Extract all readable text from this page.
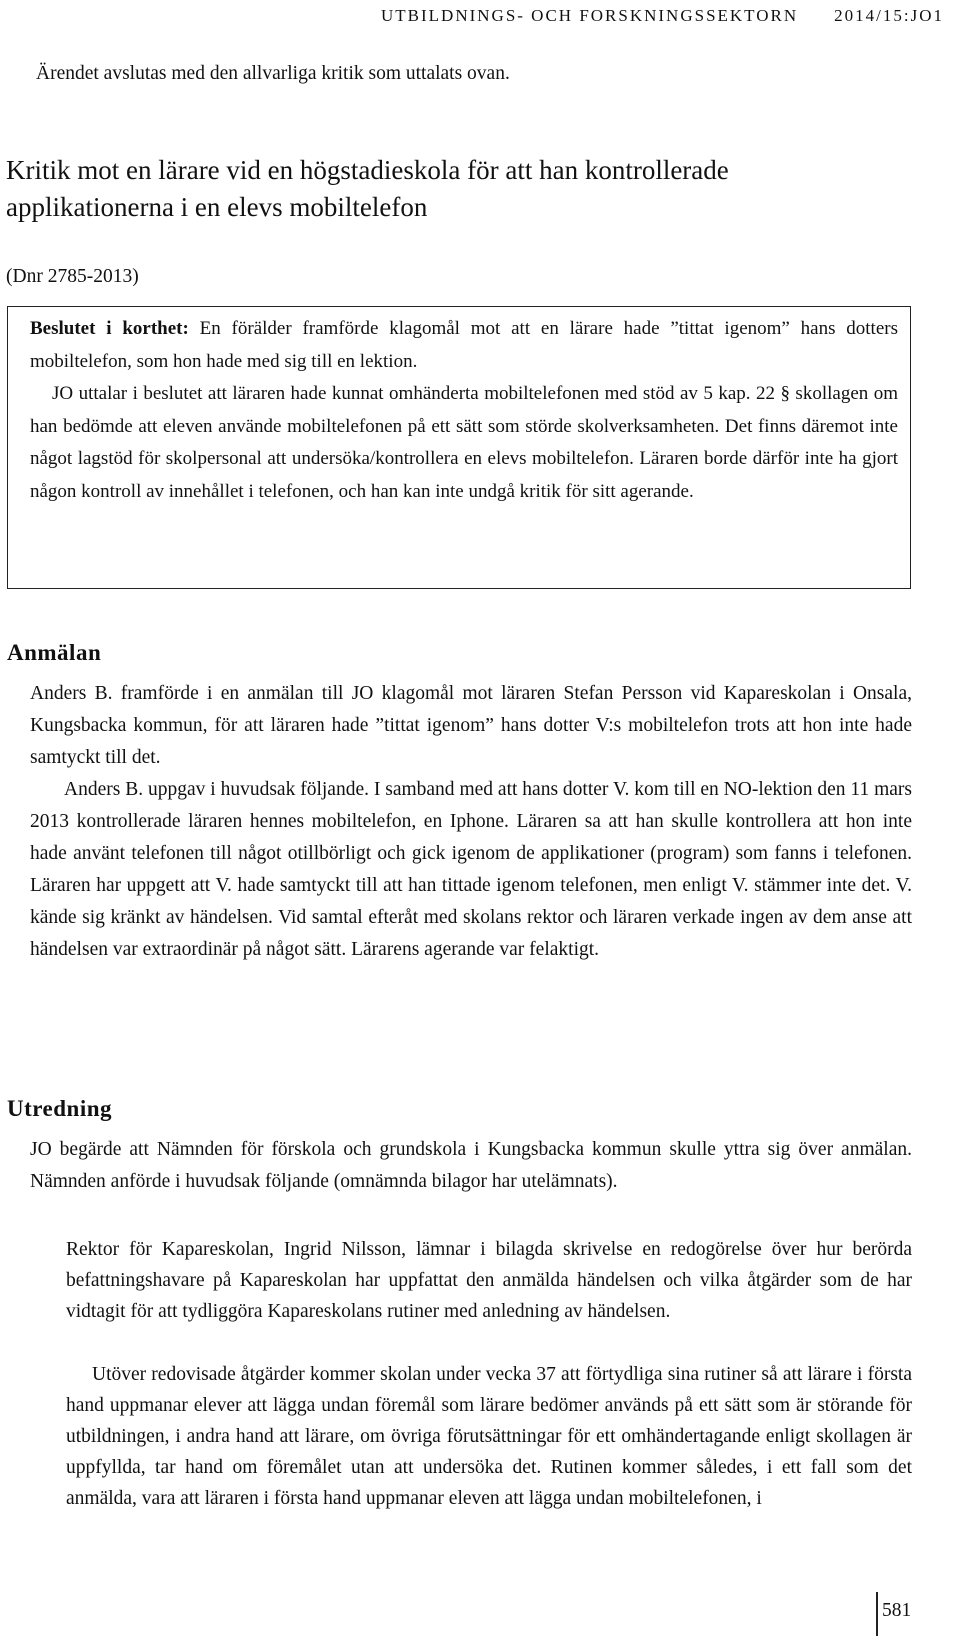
UTBILDNINGS- OCH FORSKNINGSSEKTORN 2014/15:JO1

Ärendet avslutas med den allvarliga kritik som uttalats ovan.

Kritik mot en lärare vid en högstadieskola för att han kontrollerade applikationerna i en elevs mobiltelefon

(Dnr 2785-2013)

Beslutet i korthet: En förälder framförde klagomål mot att en lärare hade ”tittat igenom” hans dotters mobiltelefon, som hon hade med sig till en lektion.

JO uttalar i beslutet att läraren hade kunnat omhänderta mobiltelefonen med stöd av 5 kap. 22 § skollagen om han bedömde att eleven använde mobiltelefonen på ett sätt som störde skolverksamheten. Det finns däremot inte något lagstöd för skolpersonal att undersöka/kontrollera en elevs mobiltelefon. Läraren borde därför inte ha gjort någon kontroll av innehållet i telefonen, och han kan inte undgå kritik för sitt agerande.

Anmälan

Anders B. framförde i en anmälan till JO klagomål mot läraren Stefan Persson vid Kapareskolan i Onsala, Kungsbacka kommun, för att läraren hade ”tittat igenom” hans dotter V:s mobiltelefon trots att hon inte hade samtyckt till det.

Anders B. uppgav i huvudsak följande. I samband med att hans dotter V. kom till en NO-lektion den 11 mars 2013 kontrollerade läraren hennes mobiltelefon, en Iphone. Läraren sa att han skulle kontrollera att hon inte hade använt telefonen till något otillbörligt och gick igenom de applikationer (program) som fanns i telefonen. Läraren har uppgett att V. hade samtyckt till att han tittade igenom telefonen, men enligt V. stämmer inte det. V. kände sig kränkt av händelsen. Vid samtal efteråt med skolans rektor och läraren verkade ingen av dem anse att händelsen var extraordinär på något sätt. Lärarens agerande var felaktigt.

Utredning

JO begärde att Nämnden för förskola och grundskola i Kungsbacka kommun skulle yttra sig över anmälan. Nämnden anförde i huvudsak följande (omnämnda bilagor har utelämnats).

Rektor för Kapareskolan, Ingrid Nilsson, lämnar i bilagda skrivelse en redogörelse över hur berörda befattningshavare på Kapareskolan har uppfattat den anmälda händelsen och vilka åtgärder som de har vidtagit för att tydliggöra Kapareskolans rutiner med anledning av händelsen.

Utöver redovisade åtgärder kommer skolan under vecka 37 att förtydliga sina rutiner så att lärare i första hand uppmanar elever att lägga undan föremål som lärare bedömer används på ett sätt som är störande för utbildningen, i andra hand att lärare, om övriga förutsättningar för ett omhändertagande enligt skollagen är uppfyllda, tar hand om föremålet utan att undersöka det. Rutinen kommer således, i ett fall som det anmälda, vara att läraren i första hand uppmanar eleven att lägga undan mobiltelefonen, i

581
